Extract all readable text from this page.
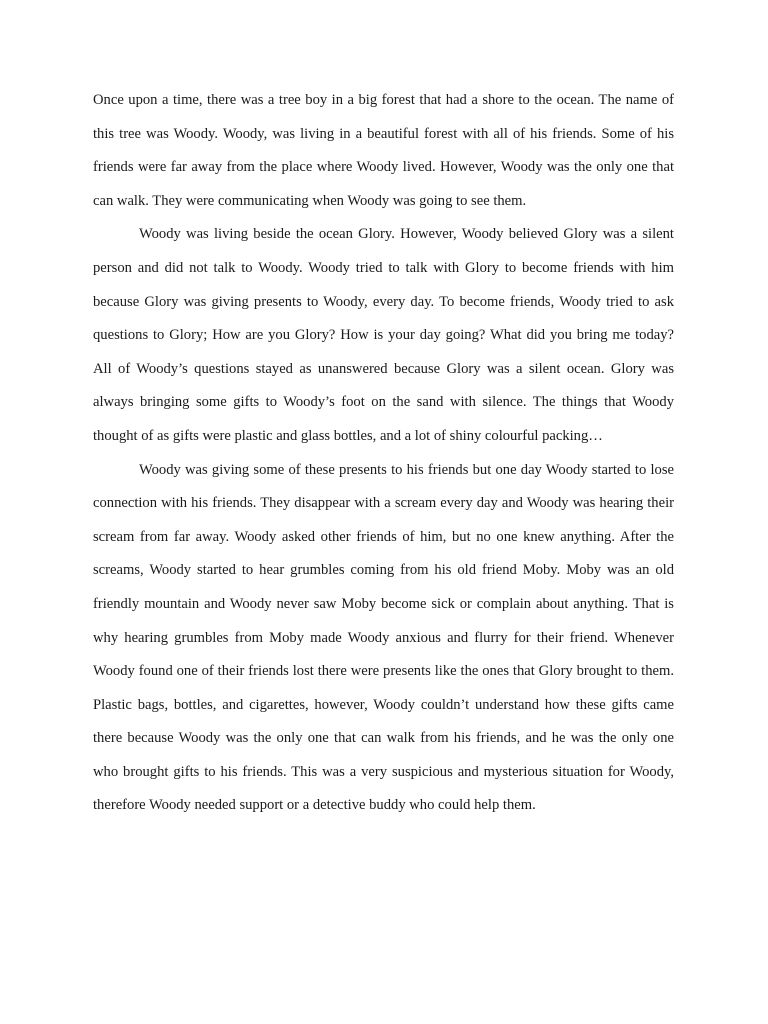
Once upon a time, there was a tree boy in a big forest that had a shore to the ocean. The name of this tree was Woody. Woody, was living in a beautiful forest with all of his friends. Some of his friends were far away from the place where Woody lived. However, Woody was the only one that can walk. They were communicating when Woody was going to see them.

Woody was living beside the ocean Glory. However, Woody believed Glory was a silent person and did not talk to Woody. Woody tried to talk with Glory to become friends with him because Glory was giving presents to Woody, every day. To become friends, Woody tried to ask questions to Glory; How are you Glory? How is your day going? What did you bring me today? All of Woody’s questions stayed as unanswered because Glory was a silent ocean. Glory was always bringing some gifts to Woody’s foot on the sand with silence. The things that Woody thought of as gifts were plastic and glass bottles, and a lot of shiny colourful packing…

Woody was giving some of these presents to his friends but one day Woody started to lose connection with his friends. They disappear with a scream every day and Woody was hearing their scream from far away. Woody asked other friends of him, but no one knew anything. After the screams, Woody started to hear grumbles coming from his old friend Moby. Moby was an old friendly mountain and Woody never saw Moby become sick or complain about anything. That is why hearing grumbles from Moby made Woody anxious and flurry for their friend. Whenever Woody found one of their friends lost there were presents like the ones that Glory brought to them. Plastic bags, bottles, and cigarettes, however, Woody couldn’t understand how these gifts came there because Woody was the only one that can walk from his friends, and he was the only one who brought gifts to his friends. This was a very suspicious and mysterious situation for Woody, therefore Woody needed support or a detective buddy who could help them.
